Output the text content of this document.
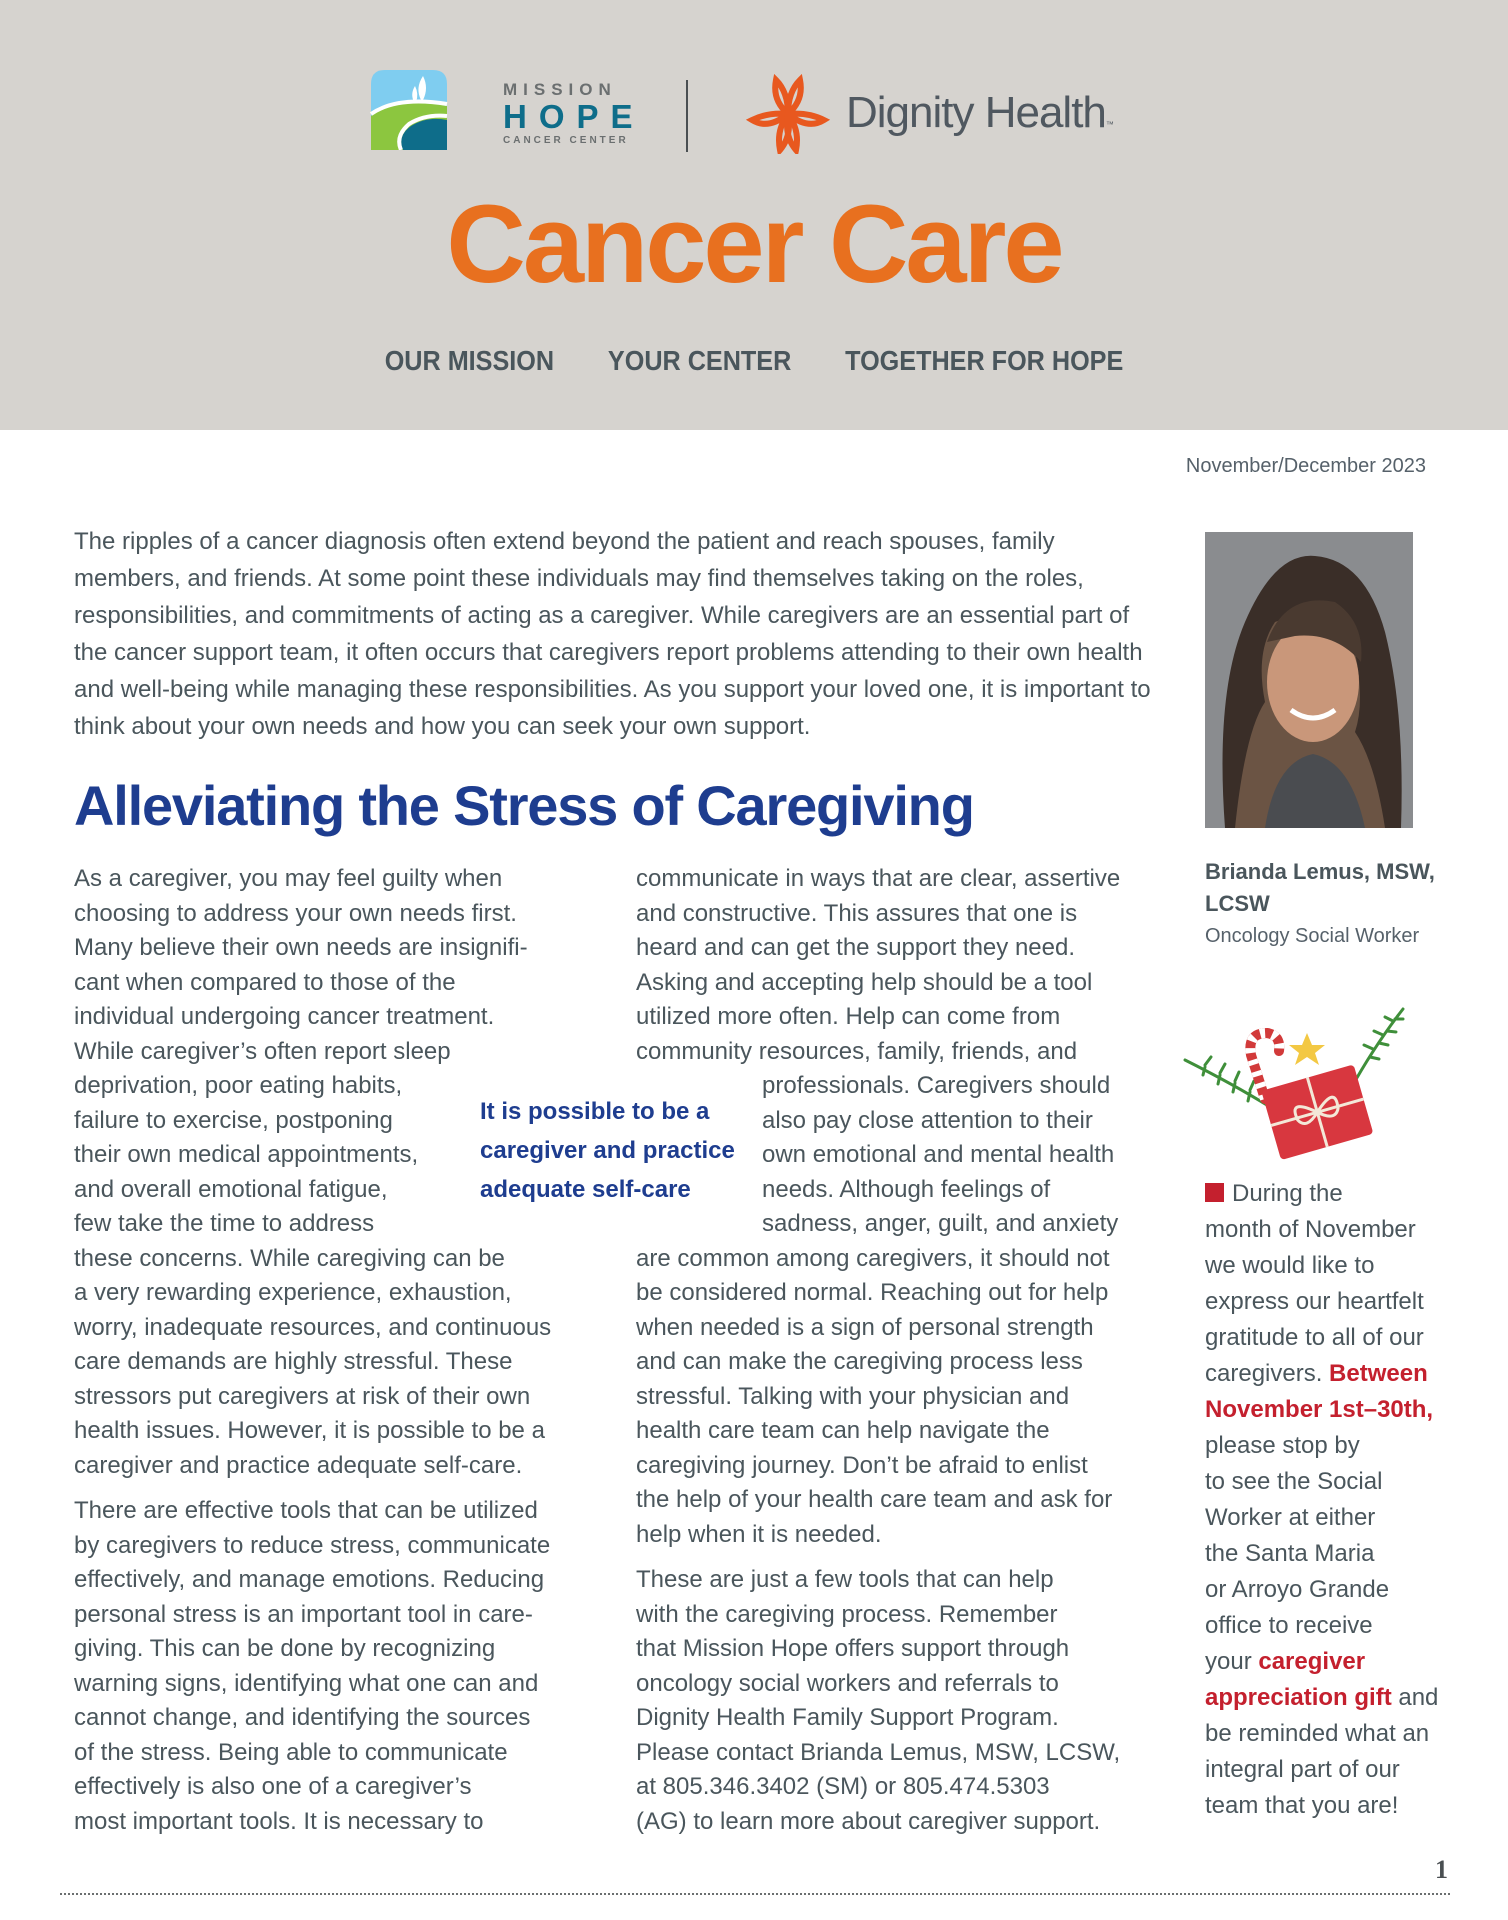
MISSION
HOPE
CANCER CENTER
Dignity Health™
Cancer Care
OUR MISSION YOUR CENTER TOGETHER FOR HOPE
November/December 2023
The ripples of a cancer diagnosis often extend beyond the patient and reach spouses, family members, and friends. At some point these individuals may find themselves taking on the roles, responsibilities, and commitments of acting as a caregiver. While caregivers are an essential part of the cancer support team, it often occurs that caregivers report problems attending to their own health and well-being while managing these responsibilities. As you support your loved one, it is important to think about your own needs and how you can seek your own support.
Alleviating the Stress of Caregiving

As a caregiver, you may feel guilty when
choosing to address your own needs first.
Many believe their own needs are insignifi-
cant when compared to those of the
individual undergoing cancer treatment.
While caregiver’s often report sleep
deprivation, poor eating habits,
failure to exercise, postponing
their own medical appointments,
and overall emotional fatigue,
few take the time to address
these concerns. While caregiving can be
a very rewarding experience, exhaustion,
worry, inadequate resources, and continuous
care demands are highly stressful. These
stressors put caregivers at risk of their own
health issues. However, it is possible to be a
caregiver and practice adequate self-care.

There are effective tools that can be utilized
by caregivers to reduce stress, communicate
effectively, and manage emotions. Reducing
personal stress is an important tool in care-
giving. This can be done by recognizing
warning signs, identifying what one can and
cannot change, and identifying the sources
of the stress. Being able to communicate
effectively is also one of a caregiver’s
most important tools. It is necessary to

It is possible to be a caregiver and practice adequate self-care

communicate in ways that are clear, assertive
and constructive. This assures that one is
heard and can get the support they need.
Asking and accepting help should be a tool
utilized more often. Help can come from
community resources, family, friends, and
professionals. Caregivers should
also pay close attention to their
own emotional and mental health
needs. Although feelings of
sadness, anger, guilt, and anxiety
are common among caregivers, it should not
be considered normal. Reaching out for help
when needed is a sign of personal strength
and can make the caregiving process less
stressful. Talking with your physician and
health care team can help navigate the
caregiving journey. Don’t be afraid to enlist
the help of your health care team and ask for
help when it is needed.

These are just a few tools that can help
with the caregiving process. Remember
that Mission Hope offers support through
oncology social workers and referrals to
Dignity Health Family Support Program.
Please contact Brianda Lemus, MSW, LCSW,
at 805.346.3402 (SM) or 805.474.5303
(AG) to learn more about caregiver support.

Brianda Lemus, MSW, LCSW
Oncology Social Worker
During the
month of November
we would like to
express our heartfelt
gratitude to all of our
caregivers. Between
November 1st–30th,
please stop by
to see the Social
Worker at either
the Santa Maria
or Arroyo Grande
office to receive
your caregiver
appreciation gift and
be reminded what an
integral part of our
team that you are!
1
